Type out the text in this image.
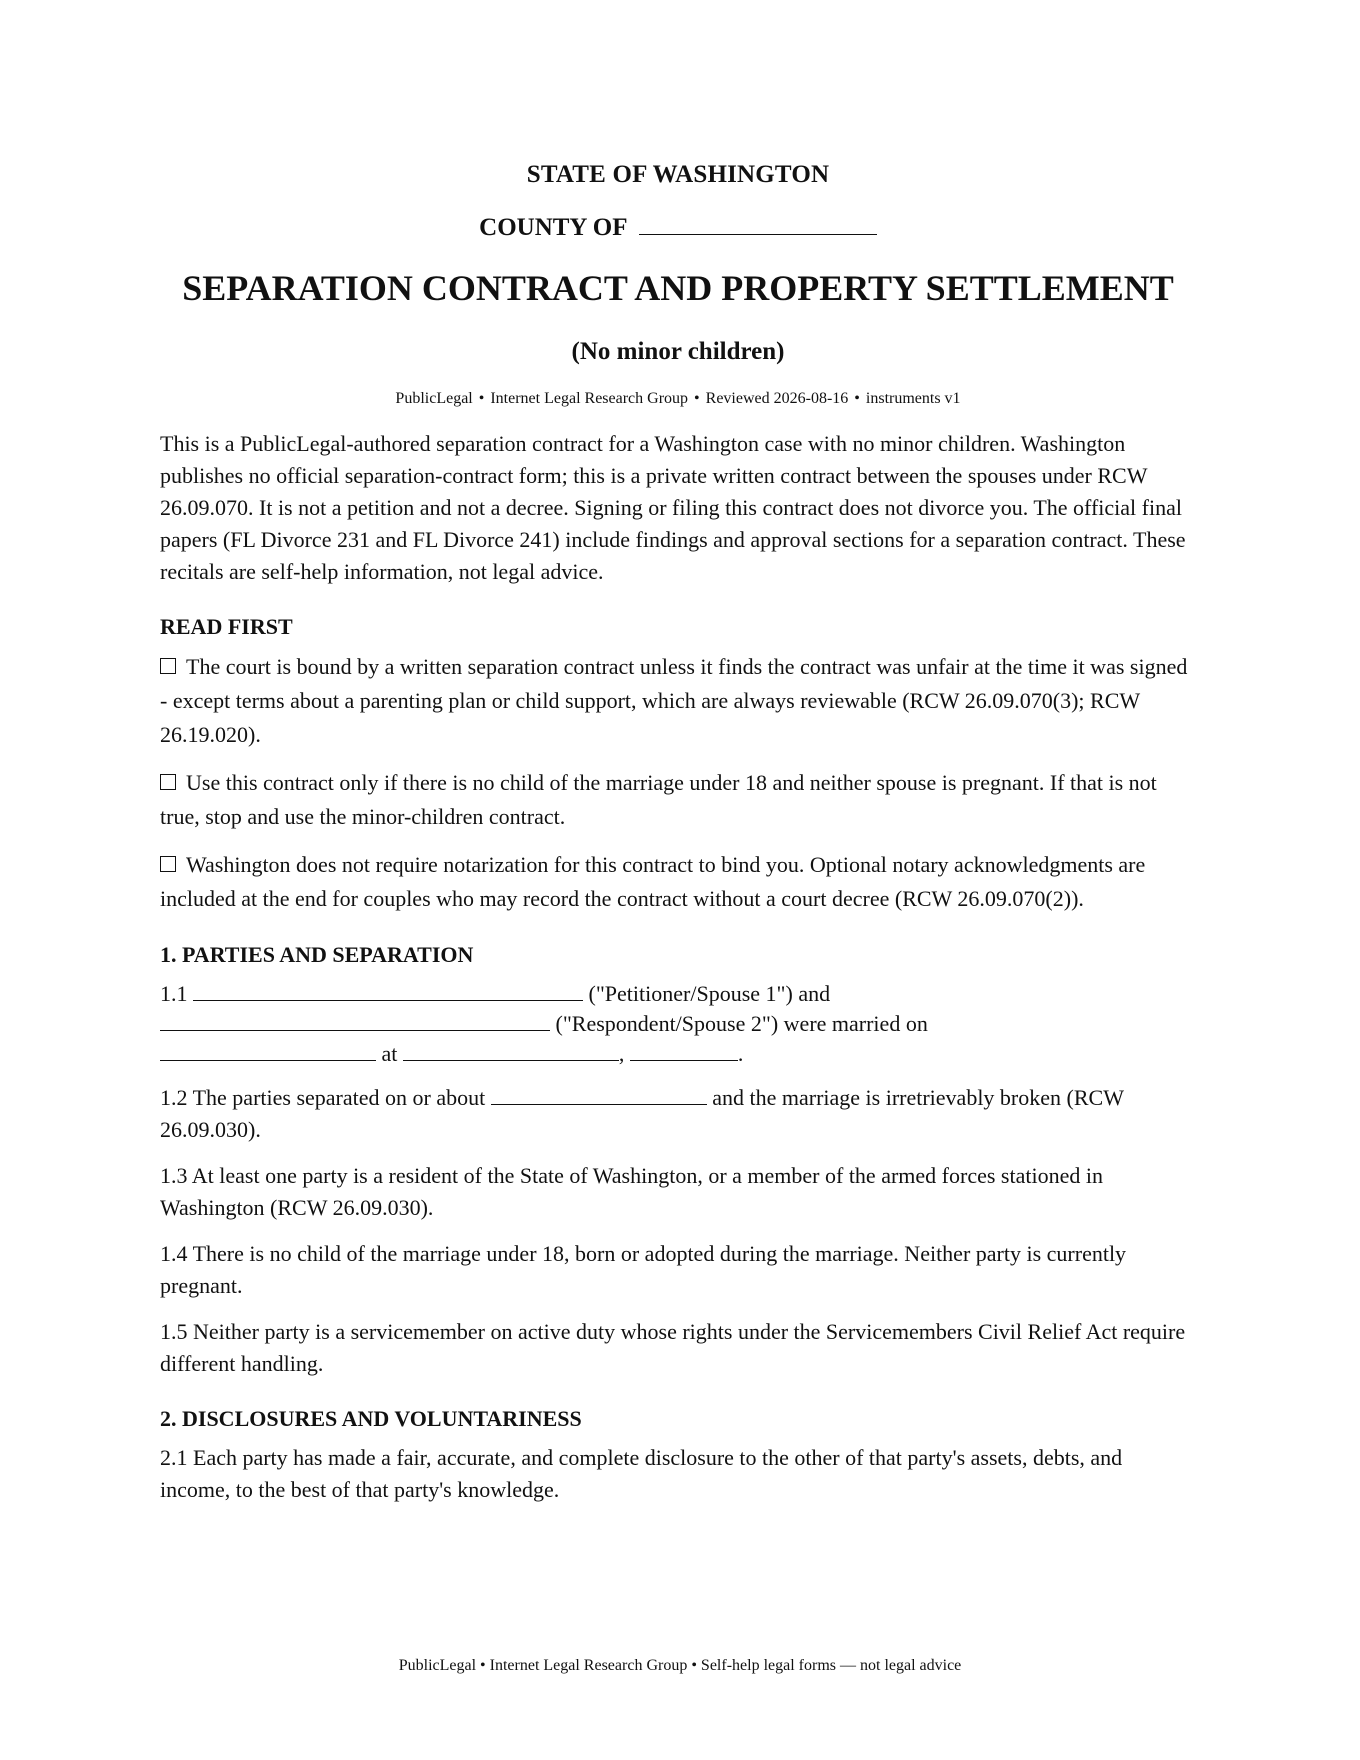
STATE OF WASHINGTON
COUNTY OF
SEPARATION CONTRACT AND PROPERTY SETTLEMENT
(No minor children)
PublicLegal • Internet Legal Research Group • Reviewed 2026-08-16 • instruments v1

This is a PublicLegal-authored separation contract for a Washington case with no minor children. Washington publishes no official separation-contract form; this is a private written contract between the spouses under RCW 26.09.070. It is not a petition and not a decree. Signing or filing this contract does not divorce you. The official final papers (FL Divorce 231 and FL Divorce 241) include findings and approval sections for a separation contract. These recitals are self-help information, not legal advice.

READ FIRST

The court is bound by a written separation contract unless it finds the contract was unfair at the time it was signed - except terms about a parenting plan or child support, which are always reviewable (RCW 26.09.070(3); RCW 26.19.020).

Use this contract only if there is no child of the marriage under 18 and neither spouse is pregnant. If that is not true, stop and use the minor-children contract.

Washington does not require notarization for this contract to bind you. Optional notary acknowledgments are included at the end for couples who may record the contract without a court decree (RCW 26.09.070(2)).

1. PARTIES AND SEPARATION

1.1	("Petitioner/Spouse 1") and
("Respondent/Spouse 2") were married on
at	,	.

1.2 The parties separated on or about	and the marriage is irretrievably broken (RCW 26.09.030).

1.3 At least one party is a resident of the State of Washington, or a member of the armed forces stationed in Washington (RCW 26.09.030).

1.4 There is no child of the marriage under 18, born or adopted during the marriage. Neither party is currently pregnant.

1.5 Neither party is a servicemember on active duty whose rights under the Servicemembers Civil Relief Act require different handling.

2. DISCLOSURES AND VOLUNTARINESS

2.1 Each party has made a fair, accurate, and complete disclosure to the other of that party's assets, debts, and income, to the best of that party's knowledge.

PublicLegal • Internet Legal Research Group • Self-help legal forms — not legal advice
